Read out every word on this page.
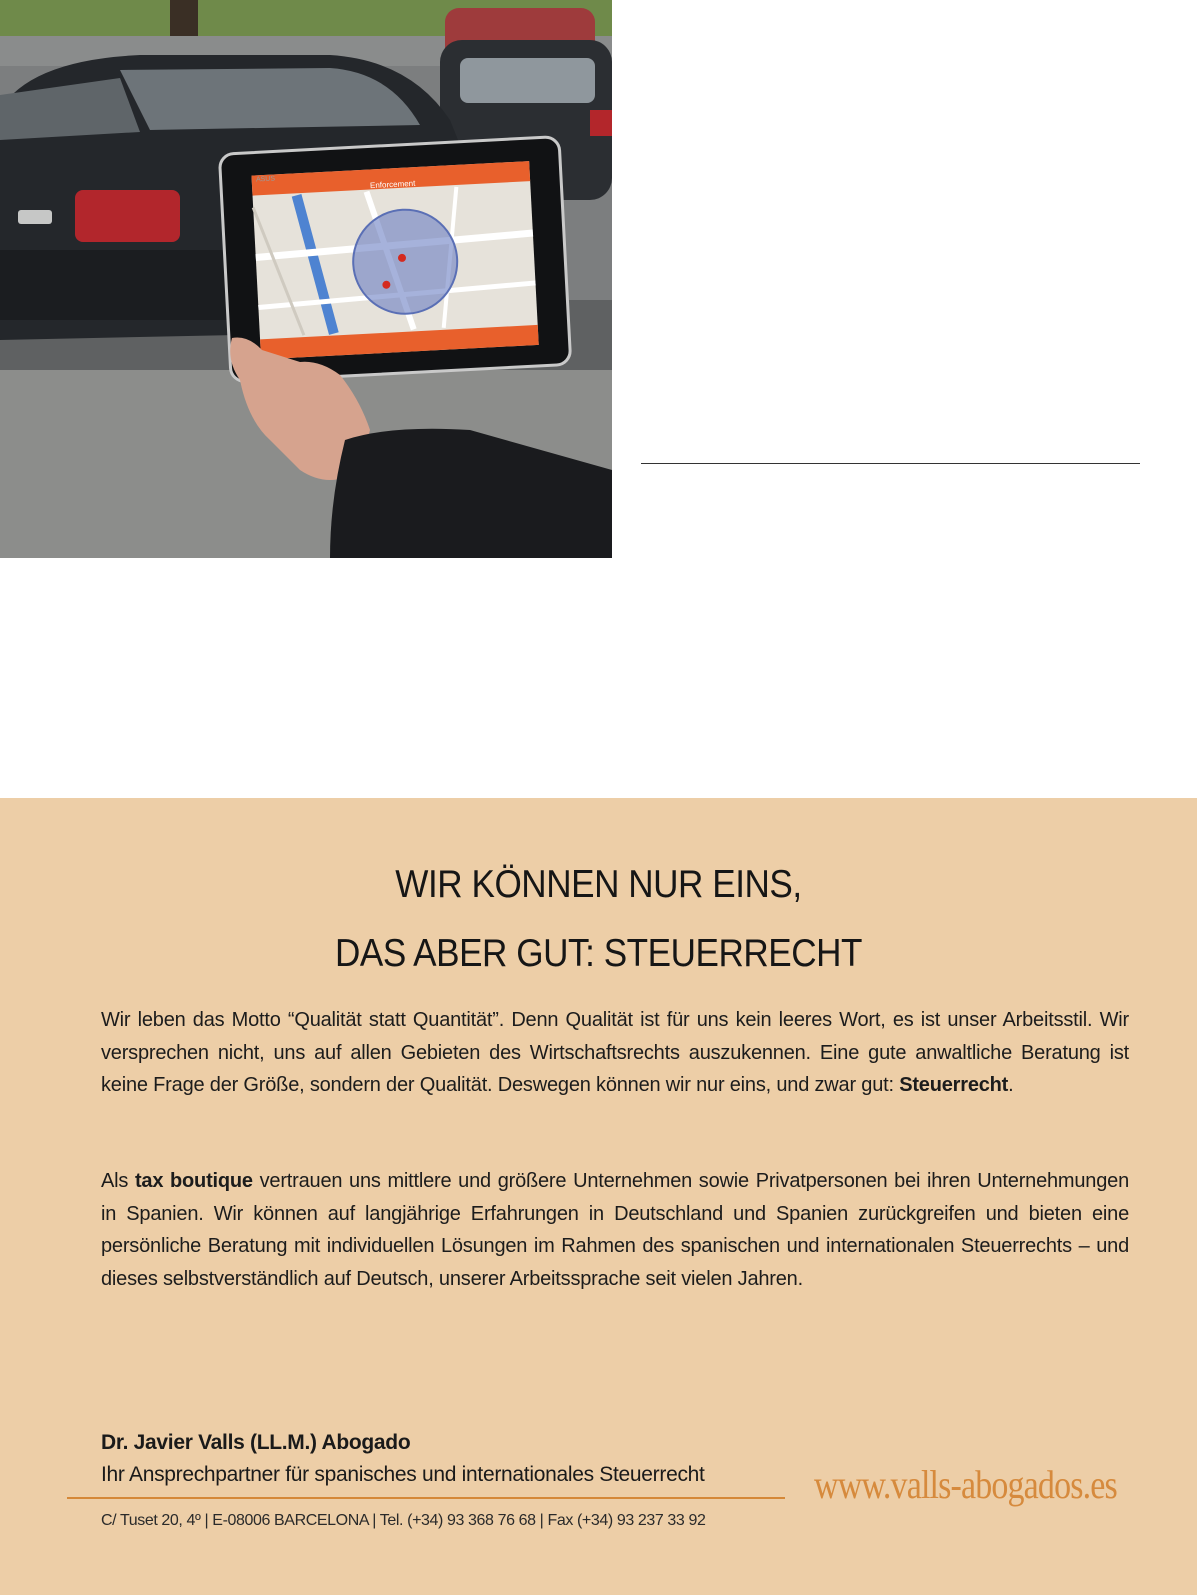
Enforcement
ASUS
WIR KÖNNEN NUR EINS,
DAS ABER GUT: STEUERRECHT
Wir leben das Motto “Qualität statt Quantität”. Denn Qualität ist für uns kein leeres Wort, es ist unser Arbeitsstil. Wir versprechen nicht, uns auf allen Gebieten des Wirtschaftsrechts auszukennen. Eine gute anwaltliche Beratung ist keine Frage der Größe, sondern der Qualität. Deswegen können wir nur eins, und zwar gut: Steuerrecht.
Als tax boutique vertrauen uns mittlere und größere Unternehmen sowie Privatpersonen bei ihren Unternehmungen in Spanien. Wir können auf langjährige Erfahrungen in Deutschland und Spanien zurückgreifen und bieten eine persönliche Beratung mit individuellen Lösungen im Rahmen des spanischen und internationalen Steuerrechts – und dieses selbstverständlich auf Deutsch, unserer Arbeitssprache seit vielen Jahren.
Dr. Javier Valls (LL.M.) Abogado
Ihr Ansprechpartner für spanisches und internationales Steuerrecht
C/ Tuset 20, 4º | E-08006 BARCELONA | Tel. (+34) 93 368 76 68 | Fax (+34) 93 237 33 92
www.valls-abogados.es
